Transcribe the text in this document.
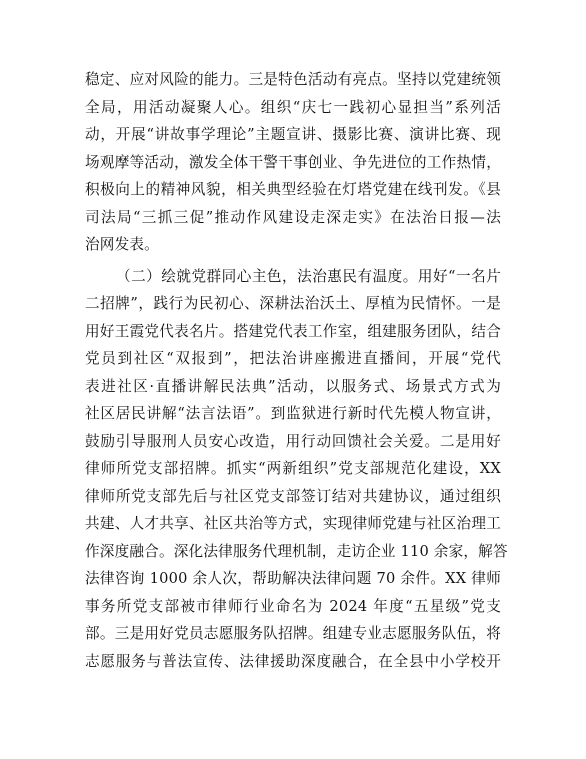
稳定、应对风险的能力。三是特色活动有亮点。坚持以党建统领
全局，用活动凝聚人心。组织“庆七一践初心显担当”系列活
动，开展“讲故事学理论”主题宣讲、摄影比赛、演讲比赛、现
场观摩等活动，激发全体干警干事创业、争先进位的工作热情，
积极向上的精神风貌，相关典型经验在灯塔党建在线刊发。《县
司法局“三抓三促”推动作风建设走深走实》在法治日报—法
治网发表。
（二）绘就党群同心主色，法治惠民有温度。用好“一名片
二招牌”，践行为民初心、深耕法治沃土、厚植为民情怀。一是
用好王霞党代表名片。搭建党代表工作室，组建服务团队，结合
党员到社区“双报到”，把法治讲座搬进直播间，开展“党代
表进社区·直播讲解民法典”活动，以服务式、场景式方式为
社区居民讲解“法言法语”。到监狱进行新时代先模人物宣讲，
鼓励引导服刑人员安心改造，用行动回馈社会关爱。二是用好
律师所党支部招牌。抓实“两新组织”党支部规范化建设，XX
律师所党支部先后与社区党支部签订结对共建协议，通过组织
共建、人才共享、社区共治等方式，实现律师党建与社区治理工
作深度融合。深化法律服务代理机制，走访企业 110 余家，解答
法律咨询 1000 余人次，帮助解决法律问题 70 余件。XX 律师
事务所党支部被市律师行业命名为 2024 年度“五星级”党支
部。三是用好党员志愿服务队招牌。组建专业志愿服务队伍，将
志愿服务与普法宣传、法律援助深度融合，在全县中小学校开
